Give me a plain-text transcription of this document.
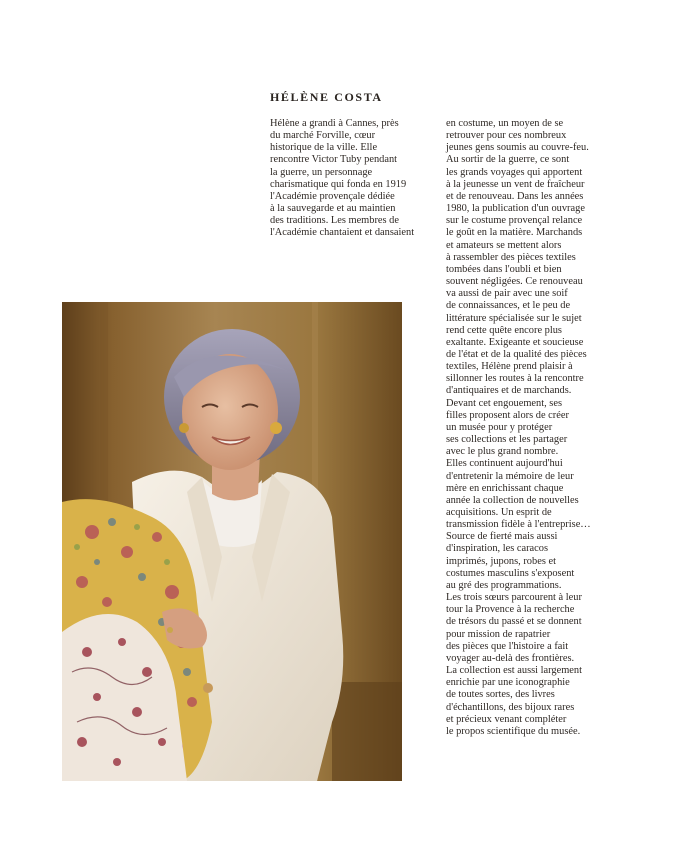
HÉLÈNE COSTA
Hélène a grandi à Cannes, près
du marché Forville, cœur
historique de la ville. Elle
rencontre Victor Tuby pendant
la guerre, un personnage
charismatique qui fonda en 1919
l'Académie provençale dédiée
à la sauvegarde et au maintien
des traditions. Les membres de
l'Académie chantaient et dansaient
en costume, un moyen de se
retrouver pour ces nombreux
jeunes gens soumis au couvre-feu.
Au sortir de la guerre, ce sont
les grands voyages qui apportent
à la jeunesse un vent de fraîcheur
et de renouveau. Dans les années
1980, la publication d'un ouvrage
sur le costume provençal relance
le goût en la matière. Marchands
et amateurs se mettent alors
à rassembler des pièces textiles
tombées dans l'oubli et bien
souvent négligées. Ce renouveau
va aussi de pair avec une soif
de connaissances, et le peu de
littérature spécialisée sur le sujet
rend cette quête encore plus
exaltante. Exigeante et soucieuse
de l'état et de la qualité des pièces
textiles, Hélène prend plaisir à
sillonner les routes à la rencontre
d'antiquaires et de marchands.
Devant cet engouement, ses
filles proposent alors de créer
un musée pour y protéger
ses collections et les partager
avec le plus grand nombre.
Elles continuent aujourd'hui
d'entretenir la mémoire de leur
mère en enrichissant chaque
année la collection de nouvelles
acquisitions. Un esprit de
transmission fidèle à l'entreprise…
Source de fierté mais aussi
d'inspiration, les caracos
imprimés, jupons, robes et
costumes masculins s'exposent
au gré des programmations.
Les trois sœurs parcourent à leur
tour la Provence à la recherche
de trésors du passé et se donnent
pour mission de rapatrier
des pièces que l'histoire a fait
voyager au-delà des frontières.
La collection est aussi largement
enrichie par une iconographie
de toutes sortes, des livres
d'échantillons, des bijoux rares
et précieux venant compléter
le propos scientifique du musée.
